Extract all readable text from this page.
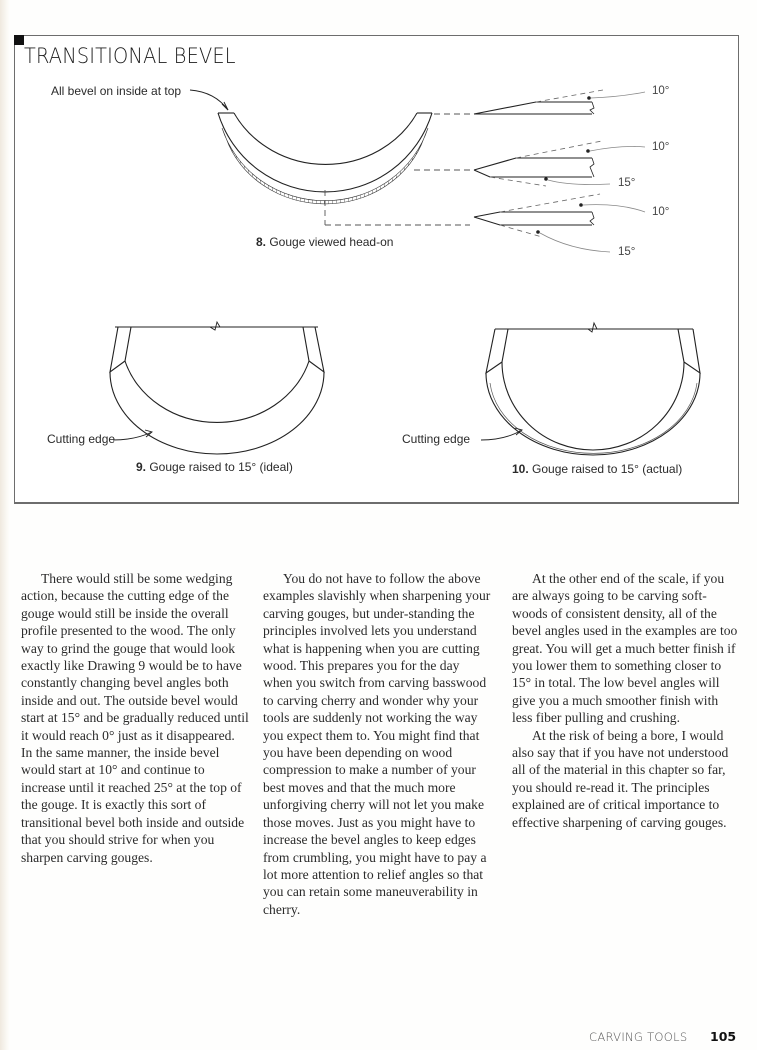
TRANSITIONAL BEVEL
All bevel on inside at top
8. Gouge viewed head-on
10°
10°
15°
10°
15°
Cutting edge
9. Gouge raised to 15° (ideal)
Cutting edge
10. Gouge raised to 15° (actual)

There would still be some wedging action, because the cutting edge of the gouge would still be inside the overall profile presented to the wood. The only way to grind the gouge that would look exactly like Drawing 9 would be to have constantly changing bevel angles both inside and out. The outside bevel would start at 15° and be gradually reduced until it would reach 0° just as it disappeared. In the same manner, the inside bevel would start at 10° and continue to increase until it reached 25° at the top of the gouge. It is exactly this sort of transitional bevel both inside and outside that you should strive for when you sharpen carving gouges.

You do not have to follow the above examples slavishly when sharpening your carving gouges, but under-standing the principles involved lets you understand what is happening when you are cutting wood. This prepares you for the day when you switch from carving basswood to carving cherry and wonder why your tools are suddenly not working the way you expect them to. You might find that you have been depending on wood compression to make a number of your best moves and that the much more unforgiving cherry will not let you make those moves. Just as you might have to increase the bevel angles to keep edges from crumbling, you might have to pay a lot more attention to relief angles so that you can retain some maneuverability in cherry.

At the other end of the scale, if you are always going to be carving soft-woods of consistent density, all of the bevel angles used in the examples are too great. You will get a much better finish if you lower them to something closer to 15° in total. The low bevel angles will give you a much smoother finish with less fiber pulling and crushing.

At the risk of being a bore, I would also say that if you have not understood all of the material in this chapter so far, you should re-read it. The principles explained are of critical importance to effective sharpening of carving gouges.

CARVING TOOLS 105
